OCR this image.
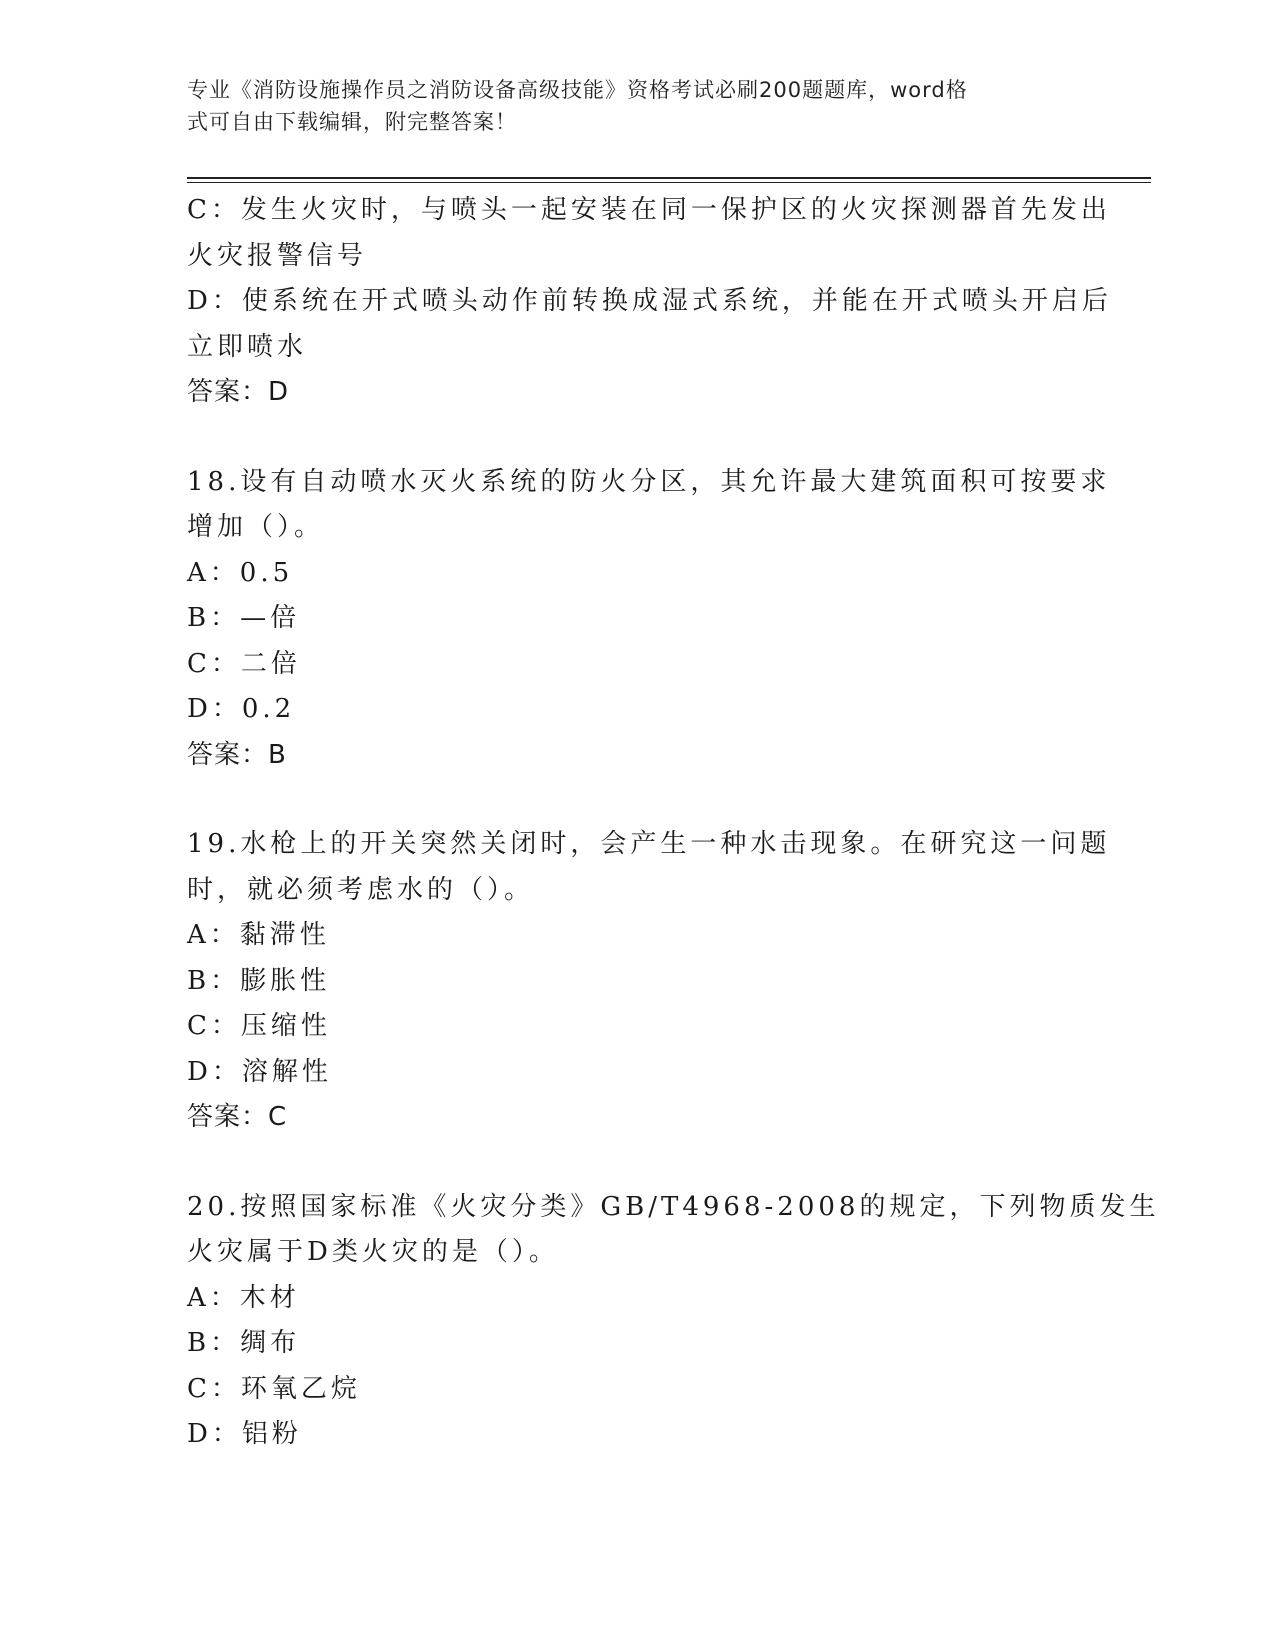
专业《消防设施操作员之消防设备高级技能》资格考试必刷200题题库，word格
式可自由下载编辑，附完整答案！
C：发生火灾时，与喷头一起安装在同一保护区的火灾探测器首先发出
火灾报警信号
D：使系统在开式喷头动作前转换成湿式系统，并能在开式喷头开启后
立即喷水
答案：D
18.设有自动喷水灭火系统的防火分区，其允许最大建筑面积可按要求
增加（）。
A：0.5
B：—倍
C：二倍
D：0.2
答案：B
19.水枪上的开关突然关闭时，会产生一种水击现象。在研究这一问题
时，就必须考虑水的（）。
A：黏滞性
B：膨胀性
C：压缩性
D：溶解性
答案：C
20.按照国家标准《火灾分类》GB/T4968-2008的规定，下列物质发生
火灾属于D类火灾的是（）。
A：木材
B：绸布
C：环氧乙烷
D：铝粉
